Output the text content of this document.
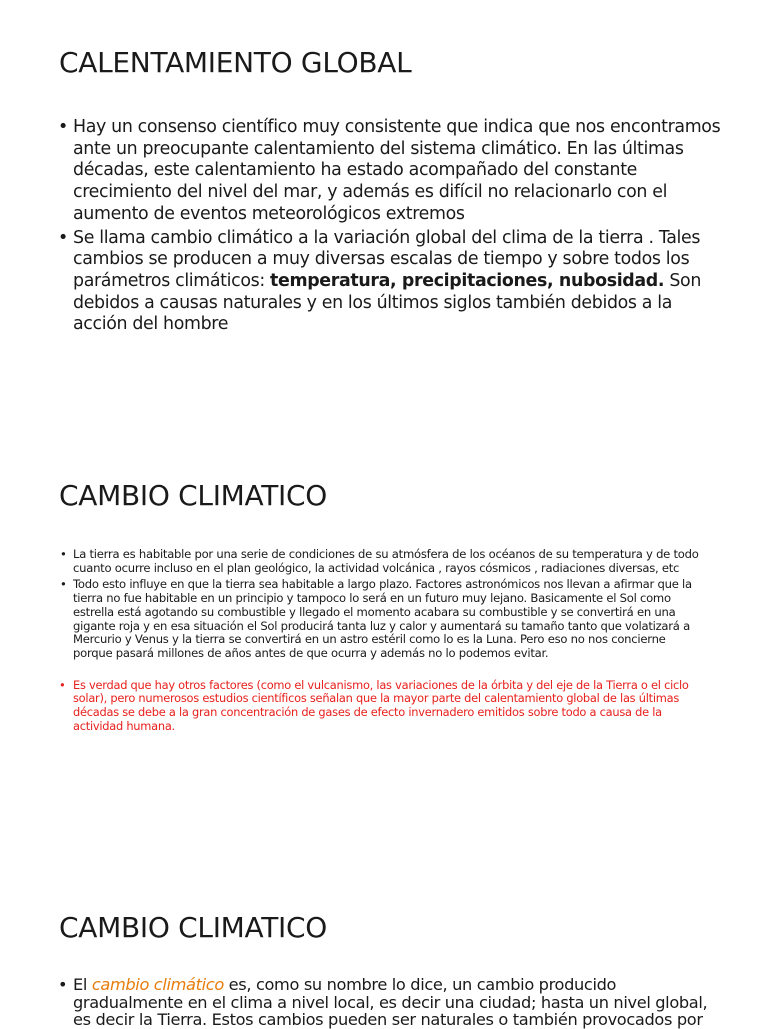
CALENTAMIENTO GLOBAL
• Hay un consenso científico muy consistente que indica que nos encontramos ante un preocupante calentamiento del sistema climático. En las últimas décadas, este calentamiento ha estado acompañado del constante crecimiento del nivel del mar, y además es difícil no relacionarlo con el aumento de eventos meteorológicos extremos
• Se llama cambio climático a la variación global del clima de la tierra . Tales cambios se producen a muy diversas escalas de tiempo y sobre todos los parámetros climáticos: temperatura, precipitaciones, nubosidad. Son debidos a causas naturales y en los últimos siglos también debidos a la acción del hombre
CAMBIO CLIMATICO
• La tierra es habitable por una serie de condiciones de su atmósfera de los océanos de su temperatura y de todo cuanto ocurre incluso en el plan geológico, la actividad volcánica , rayos cósmicos , radiaciones diversas, etc
• Todo esto influye en que la tierra sea habitable a largo plazo. Factores astronómicos nos llevan a afirmar que la tierra no fue habitable en un principio y tampoco lo será en un futuro muy lejano. Basicamente el Sol como estrella está agotando su combustible y llegado el momento acabara su combustible y se convertirá en una gigante roja y en esa situación el Sol producirá tanta luz y calor y aumentará su tamaño tanto que volatizará a Mercurio y Venus y la tierra se convertirá en un astro estéril como lo es la Luna. Pero eso no nos concierne porque pasará millones de años antes de que ocurra y además no lo podemos evitar.
• Es verdad que hay otros factores (como el vulcanismo, las variaciones de la órbita y del eje de la Tierra o el ciclo solar), pero numerosos estudios científicos señalan que la mayor parte del calentamiento global de las últimas décadas se debe a la gran concentración de gases de efecto invernadero emitidos sobre todo a causa de la actividad humana.
CAMBIO CLIMATICO
• El cambio climático es, como su nombre lo dice, un cambio producido gradualmente en el clima a nivel local, es decir una ciudad; hasta un nivel global, es decir la Tierra. Estos cambios pueden ser naturales o también provocados por
